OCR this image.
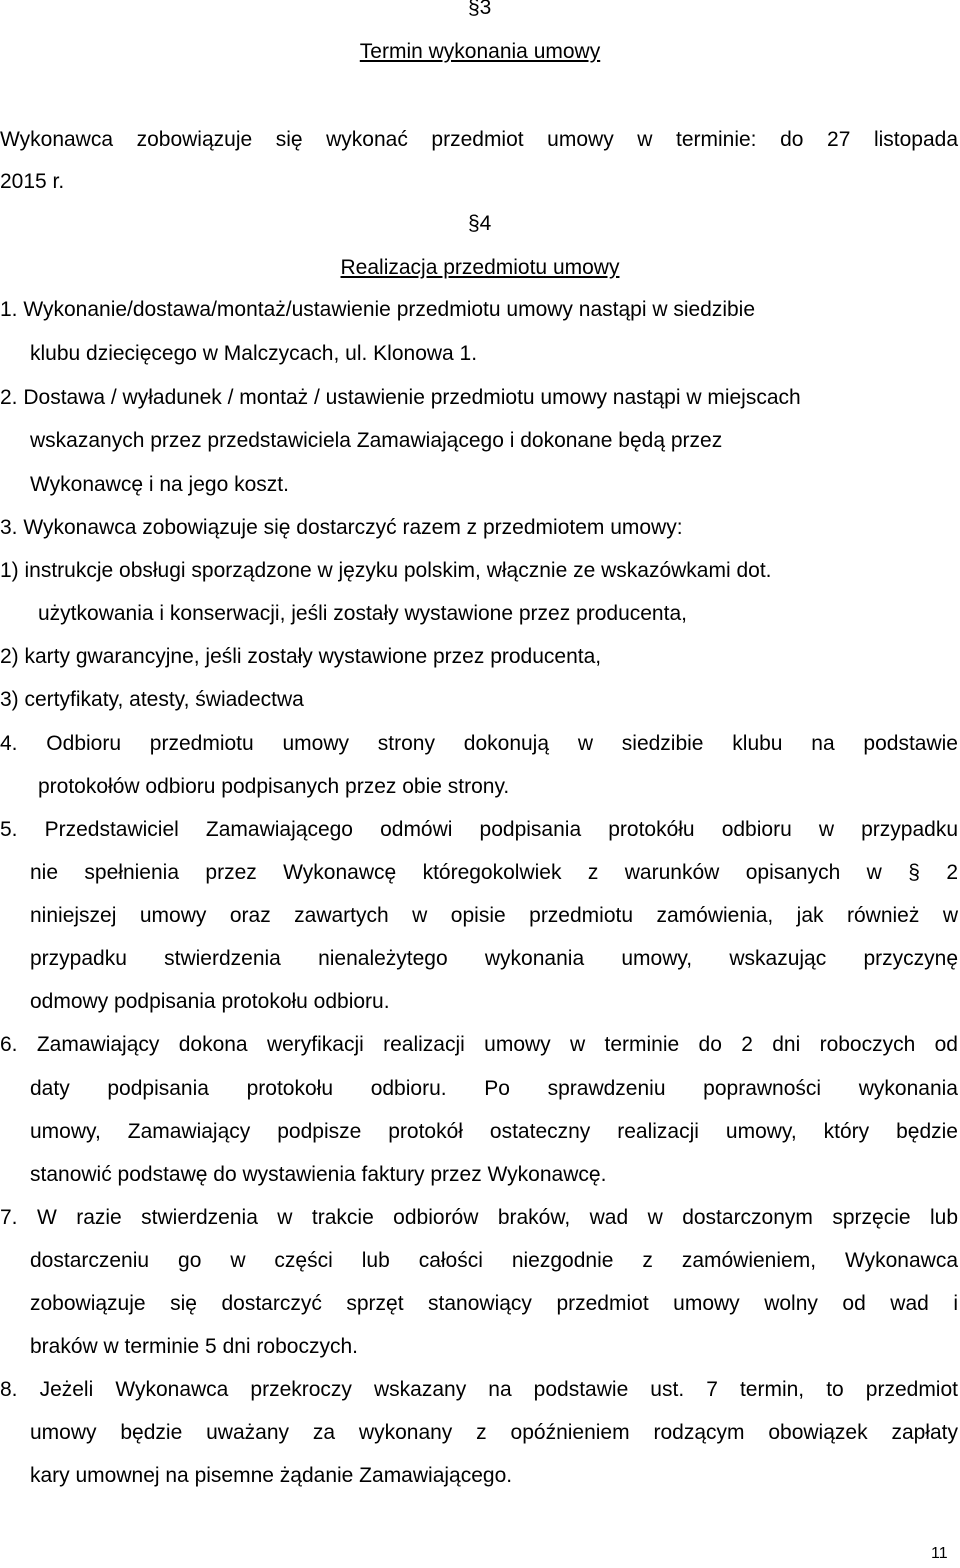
§3
Termin wykonania umowy
Wykonawca zobowiązuje się wykonać przedmiot umowy w terminie: do 27 listopada
2015 r.
§4
Realizacja przedmiotu umowy
1. Wykonanie/dostawa/montaż/ustawienie przedmiotu umowy nastąpi w siedzibie
klubu dziecięcego w Malczycach, ul. Klonowa 1.
2. Dostawa / wyładunek / montaż / ustawienie przedmiotu umowy nastąpi w miejscach
wskazanych przez przedstawiciela Zamawiającego i dokonane będą przez
Wykonawcę i na jego koszt.
3. Wykonawca zobowiązuje się dostarczyć razem z przedmiotem umowy:
1) instrukcje obsługi sporządzone w języku polskim, włącznie ze wskazówkami dot.
użytkowania i konserwacji, jeśli zostały wystawione przez producenta,
2) karty gwarancyjne, jeśli zostały wystawione przez producenta,
3) certyfikaty, atesty, świadectwa
4. Odbioru przedmiotu umowy strony dokonują w siedzibie klubu na podstawie
protokołów odbioru podpisanych przez obie strony.
5. Przedstawiciel Zamawiającego odmówi podpisania protokółu odbioru w przypadku
nie spełnienia przez Wykonawcę któregokolwiek z warunków opisanych w § 2
niniejszej umowy oraz zawartych w opisie przedmiotu zamówienia, jak również w
przypadku stwierdzenia nienależytego wykonania umowy, wskazując przyczynę
odmowy podpisania protokołu odbioru.
6. Zamawiający dokona weryfikacji realizacji umowy w terminie do 2 dni roboczych od
daty podpisania protokołu odbioru. Po sprawdzeniu poprawności wykonania
umowy, Zamawiający podpisze protokół ostateczny realizacji umowy, który będzie
stanowić podstawę do wystawienia faktury przez Wykonawcę.
7. W razie stwierdzenia w trakcie odbiorów braków, wad w dostarczonym sprzęcie lub
dostarczeniu go w części lub całości niezgodnie z zamówieniem, Wykonawca
zobowiązuje się dostarczyć sprzęt stanowiący przedmiot umowy wolny od wad i
braków w terminie 5 dni roboczych.
8. Jeżeli Wykonawca przekroczy wskazany na podstawie ust. 7 termin, to przedmiot
umowy będzie uważany za wykonany z opóźnieniem rodzącym obowiązek zapłaty
kary umownej na pisemne żądanie Zamawiającego.
11
